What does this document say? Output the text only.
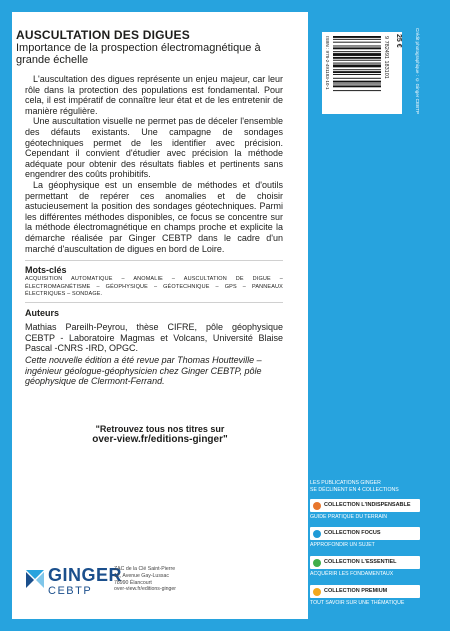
AUSCULTATION DES DIGUES
Importance de la prospection électromagnétique à grande échelle

L'auscultation des digues représente un enjeu majeur, car leur rôle dans la protection des populations est fondamental. Pour cela, il est impératif de connaître leur état et de les entretenir de manière régulière.

Une auscultation visuelle ne permet pas de déceler l'ensemble des défauts existants. Une campagne de sondages géotechniques permet de les identifier avec précision. Cependant il convient d'étudier avec précision la méthode adéquate pour obtenir des résultats fiables et pertinents sans engendrer des coûts prohibitifs.

La géophysique est un ensemble de méthodes et d'outils permettant de repérer ces anomalies et de choisir astucieusement la position des sondages géotechniques. Parmi les différentes méthodes disponibles, ce focus se concentre sur la méthode électromagnétique en champs proche et explicite la démarche réalisée par Ginger CEBTP dans le cadre d'un marché d'auscultation de digues en bord de Loire.

Mots-clés
ACQUISITION AUTOMATIQUE – ANOMALIE – AUSCULTATION DE DIGUE – ÉLECTROMAGNÉTISME – GÉOPHYSIQUE – GÉOTECHNIQUE – GPS – PANNEAUX ÉLECTRIQUES – SONDAGE.
Auteurs
Mathias Pareilh-Peyrou, thèse CIFRE, pôle géophysique CEBTP - Laboratoire Magmas et Volcans, Université Blaise Pascal -CNRS -IRD, OPGC.
Cette nouvelle édition a été revue par Thomas Houtteville – ingénieur géologue-géophysicien chez Ginger CEBTP, pôle géophysique de Clermont-Ferrand.
"Retrouvez tous nos titres sur
over-view.fr/editions-ginger"
GINGER
CEBTP
ZAC de la Clé Saint-Pierre
12, Avenue Gay-Lussac
78990 Élancourt
over-view.fr/editions-ginger
25 €
ISBN : 978-2-491183-10-1	9 782491 183101	Crédit photographique : © Ginger CEBTP
LES PUBLICATIONS GINGER
SE DÉCLINENT EN 4 COLLECTIONS
COLLECTION L'INDISPENSABLE
GUIDE PRATIQUE DU TERRAIN
COLLECTION FOCUS
APPROFONDIR UN SUJET
COLLECTION L'ESSENTIEL
ACQUÉRIR LES FONDAMENTAUX
COLLECTION PREMIUM
TOUT SAVOIR SUR UNE THÉMATIQUE
